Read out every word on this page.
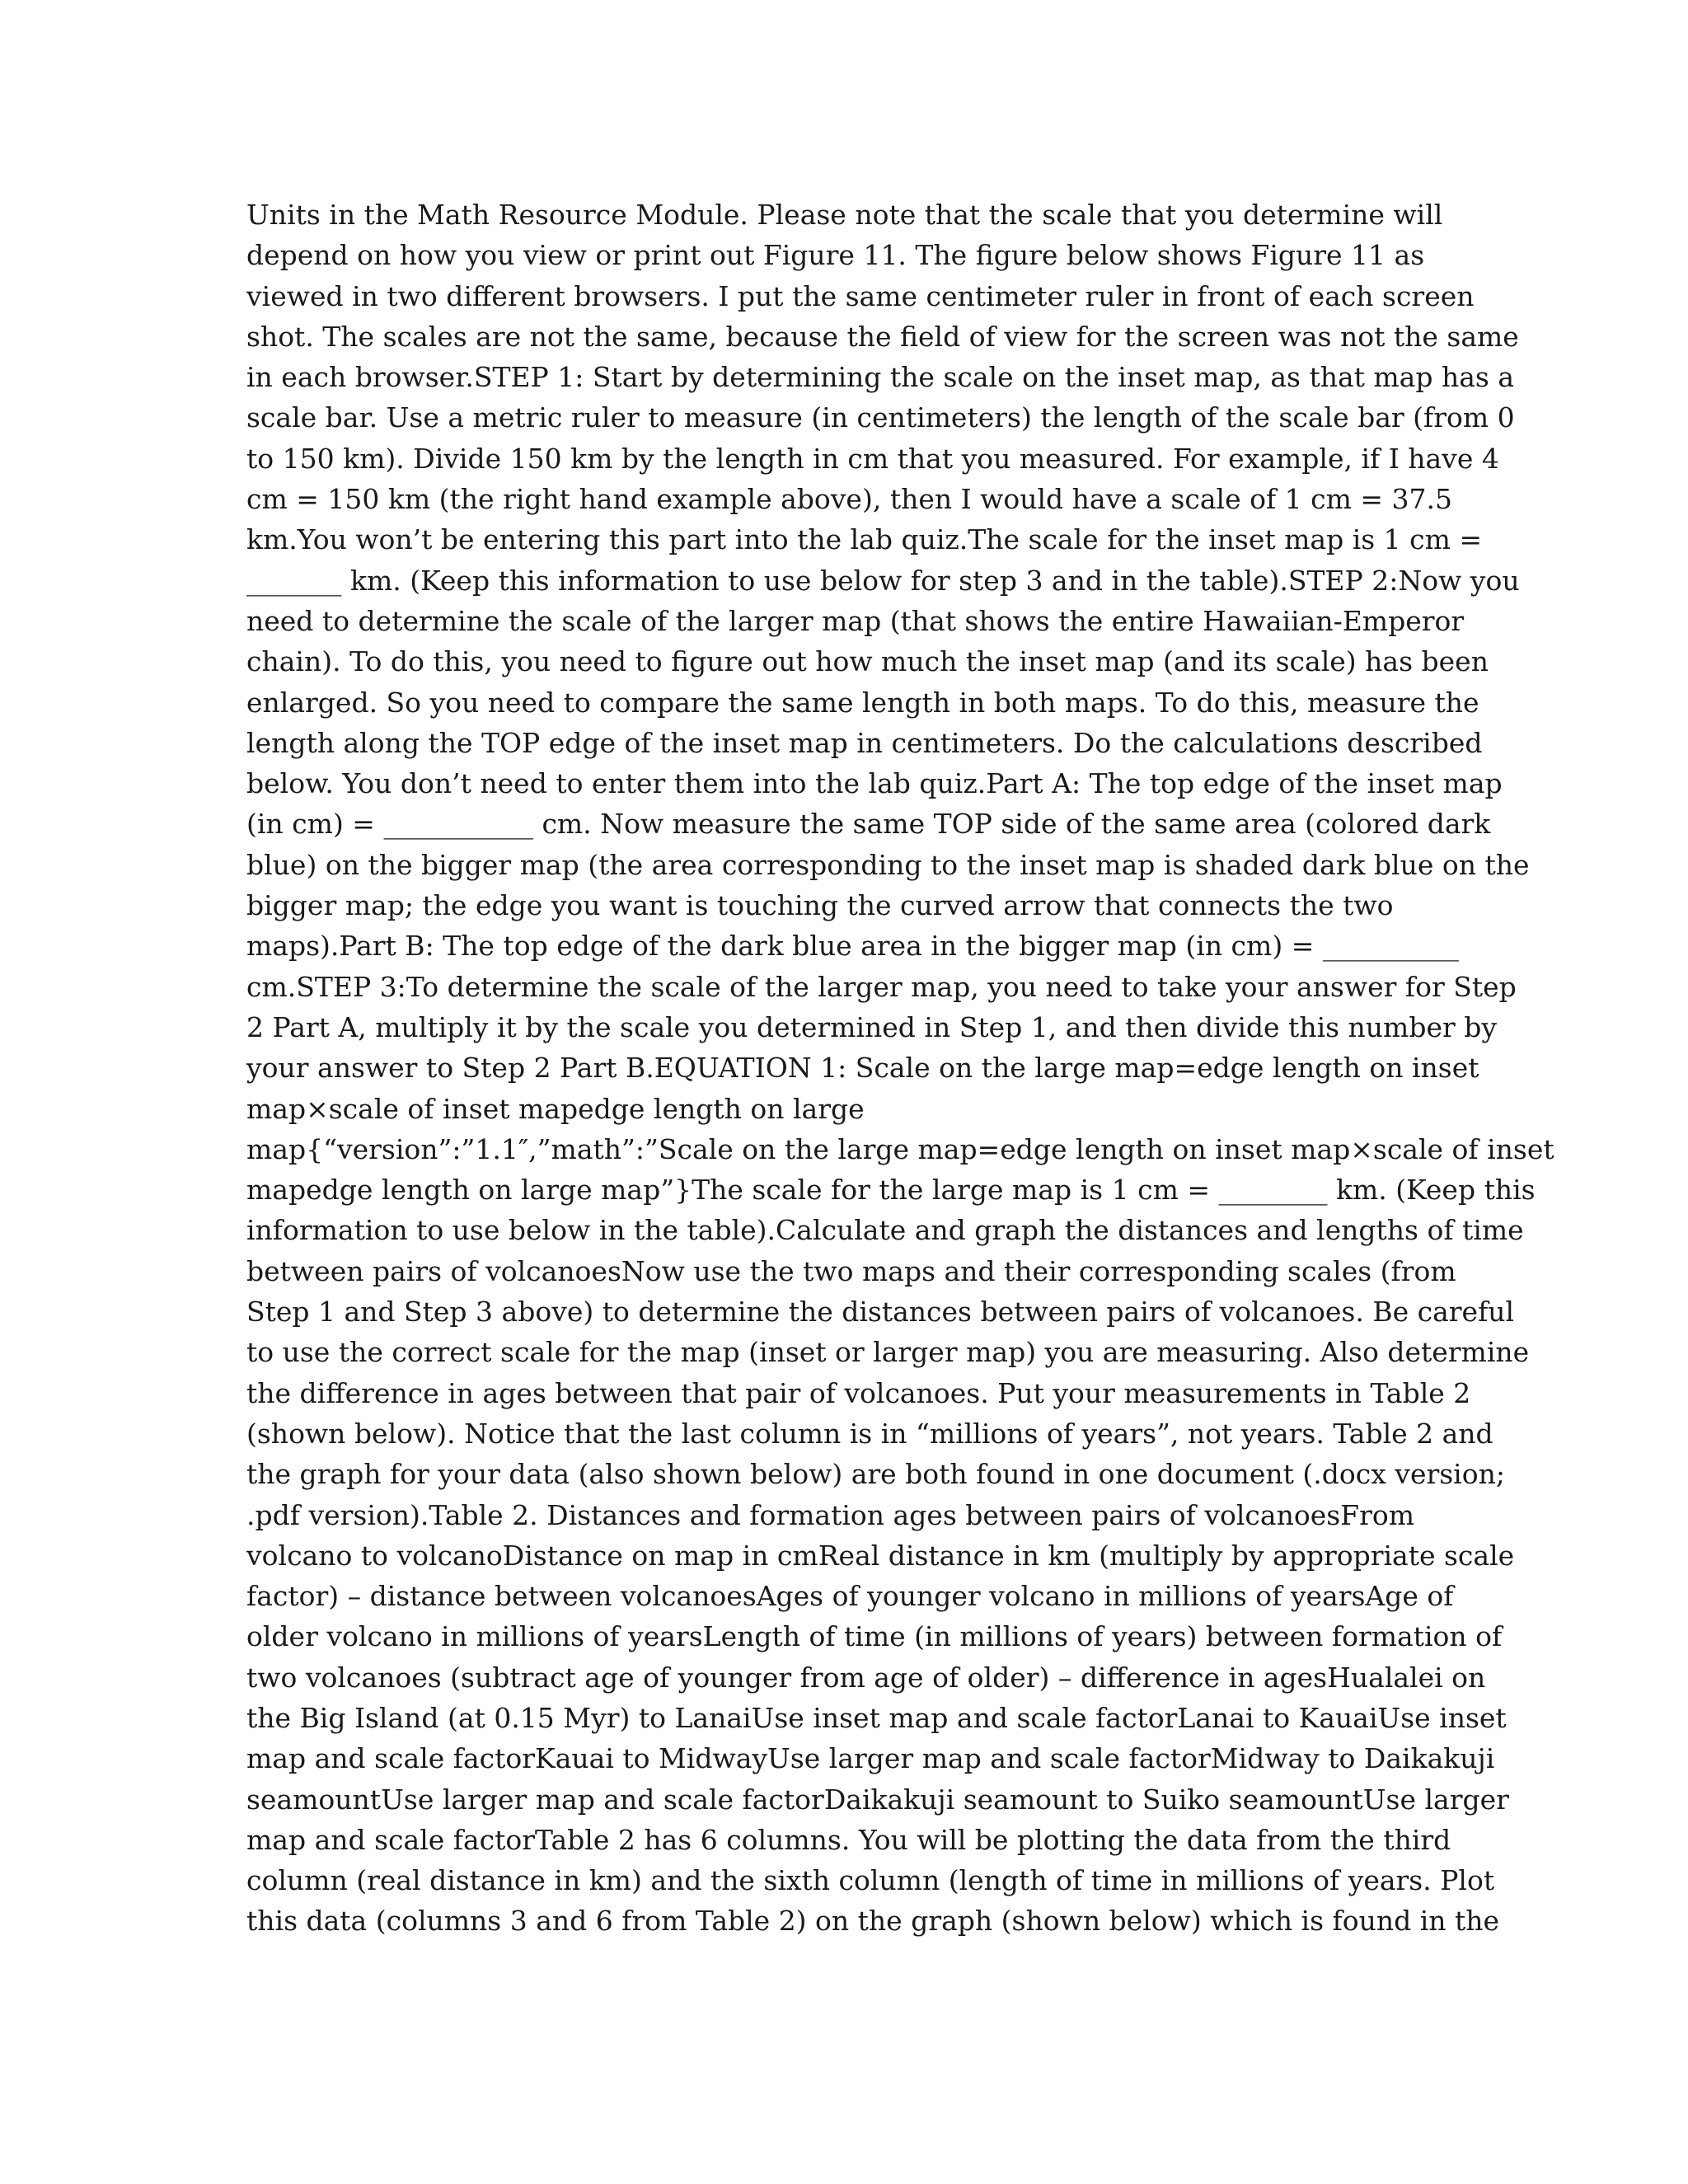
Units in the Math Resource Module. Please note that the scale that you determine will
depend on how you view or print out Figure 11. The figure below shows Figure 11 as
viewed in two different browsers. I put the same centimeter ruler in front of each screen
shot. The scales are not the same, because the field of view for the screen was not the same
in each browser.STEP 1: Start by determining the scale on the inset map, as that map has a
scale bar. Use a metric ruler to measure (in centimeters) the length of the scale bar (from 0
to 150 km). Divide 150 km by the length in cm that you measured. For example, if I have 4
cm = 150 km (the right hand example above), then I would have a scale of 1 cm = 37.5
km.You won’t be entering this part into the lab quiz.The scale for the inset map is 1 cm =
_______ km. (Keep this information to use below for step 3 and in the table).STEP 2:Now you
need to determine the scale of the larger map (that shows the entire Hawaiian-Emperor
chain). To do this, you need to figure out how much the inset map (and its scale) has been
enlarged. So you need to compare the same length in both maps. To do this, measure the
length along the TOP edge of the inset map in centimeters. Do the calculations described
below. You don’t need to enter them into the lab quiz.Part A: The top edge of the inset map
(in cm) = ___________ cm. Now measure the same TOP side of the same area (colored dark
blue) on the bigger map (the area corresponding to the inset map is shaded dark blue on the
bigger map; the edge you want is touching the curved arrow that connects the two
maps).Part B: The top edge of the dark blue area in the bigger map (in cm) = __________
cm.STEP 3:To determine the scale of the larger map, you need to take your answer for Step
2 Part A, multiply it by the scale you determined in Step 1, and then divide this number by
your answer to Step 2 Part B.EQUATION 1: Scale on the large map=edge length on inset
map×scale of inset mapedge length on large
map{“version”:”1.1″,”math”:”Scale on the large map=edge length on inset map×scale of inset
mapedge length on large map”}The scale for the large map is 1 cm = ________ km. (Keep this
information to use below in the table).Calculate and graph the distances and lengths of time
between pairs of volcanoesNow use the two maps and their corresponding scales (from
Step 1 and Step 3 above) to determine the distances between pairs of volcanoes. Be careful
to use the correct scale for the map (inset or larger map) you are measuring. Also determine
the difference in ages between that pair of volcanoes. Put your measurements in Table 2
(shown below). Notice that the last column is in “millions of years”, not years. Table 2 and
the graph for your data (also shown below) are both found in one document (.docx version;
.pdf version).Table 2. Distances and formation ages between pairs of volcanoesFrom
volcano to volcanoDistance on map in cmReal distance in km (multiply by appropriate scale
factor) – distance between volcanoesAges of younger volcano in millions of yearsAge of
older volcano in millions of yearsLength of time (in millions of years) between formation of
two volcanoes (subtract age of younger from age of older) – difference in agesHualalei on
the Big Island (at 0.15 Myr) to LanaiUse inset map and scale factorLanai to KauaiUse inset
map and scale factorKauai to MidwayUse larger map and scale factorMidway to Daikakuji
seamountUse larger map and scale factorDaikakuji seamount to Suiko seamountUse larger
map and scale factorTable 2 has 6 columns. You will be plotting the data from the third
column (real distance in km) and the sixth column (length of time in millions of years. Plot
this data (columns 3 and 6 from Table 2) on the graph (shown below) which is found in the
